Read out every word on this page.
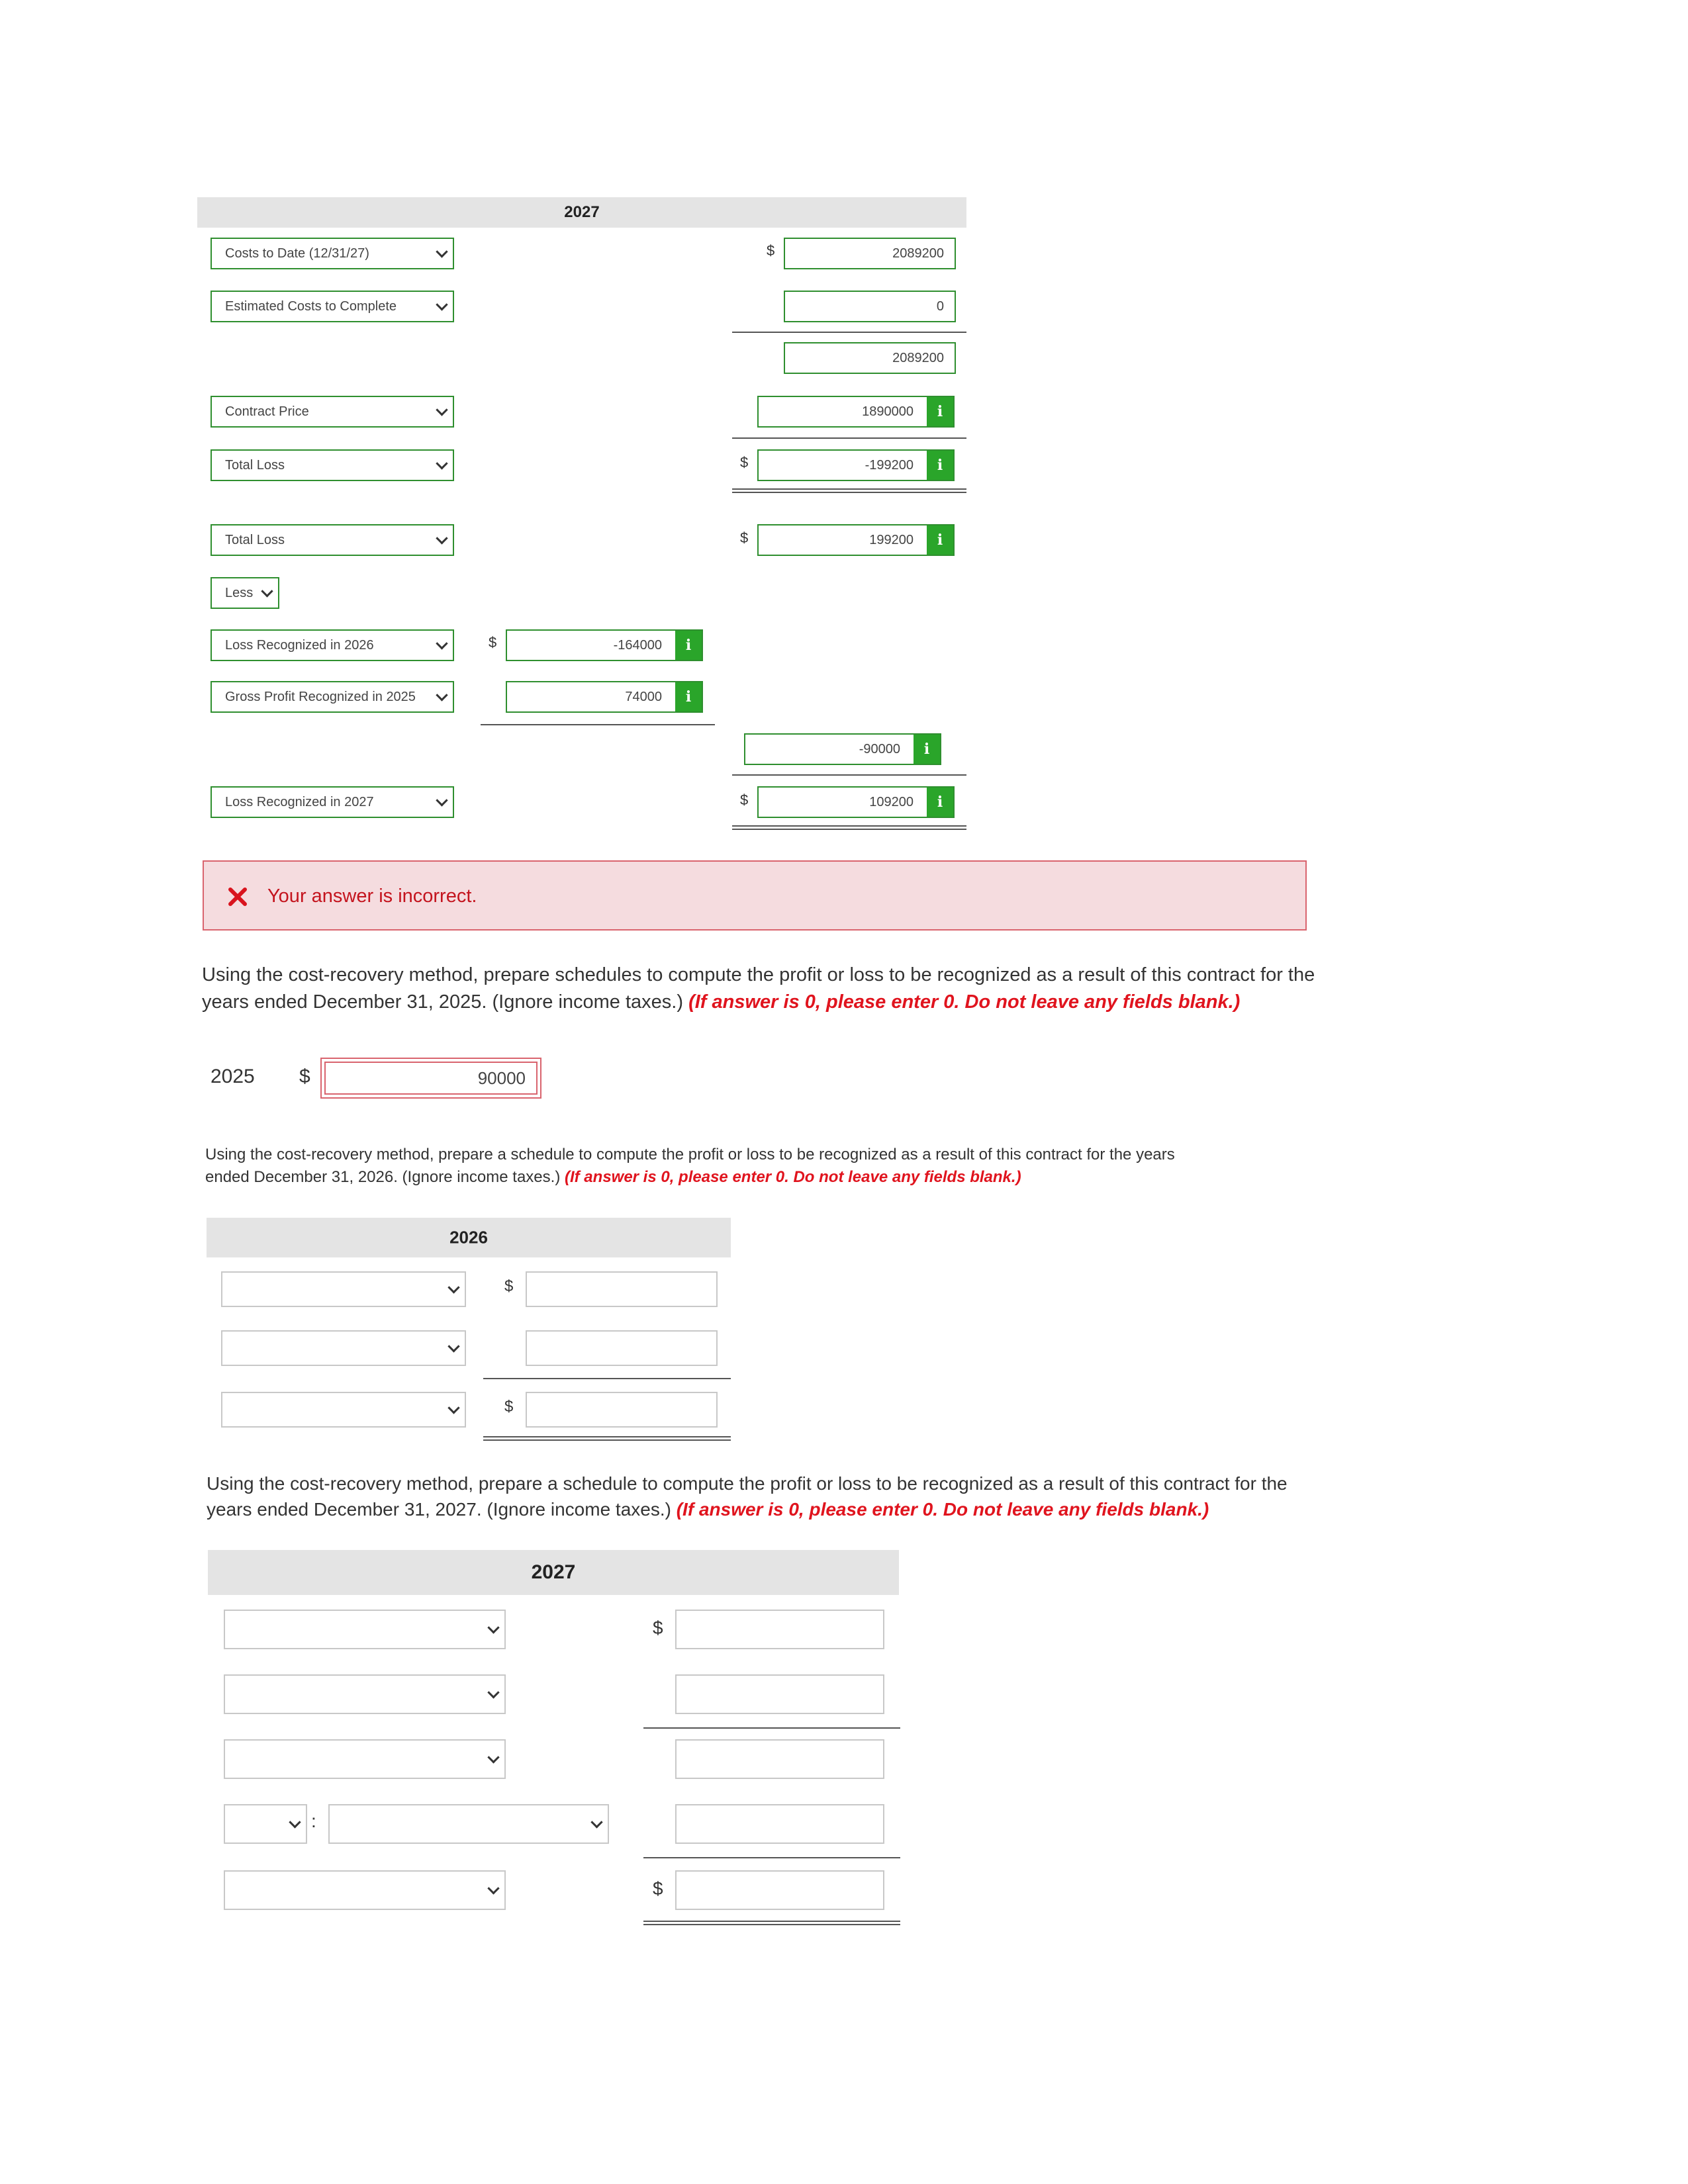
2027
Costs to Date (12/31/27)	$	2089200
Estimated Costs to Complete	0
2089200
Contract Price	1890000	i
Total Loss	$	-199200	i
Total Loss	$	199200	i
Less
Loss Recognized in 2026	$	-164000	i
Gross Profit Recognized in 2025	74000	i
-90000	i
Loss Recognized in 2027	$	109200	i
Your answer is incorrect.
Using the cost-recovery method, prepare schedules to compute the profit or loss to be recognized as a result of this contract for the years ended December 31, 2025. (Ignore income taxes.) (If answer is 0, please enter 0. Do not leave any fields blank.)
2025 $	90000
Using the cost-recovery method, prepare a schedule to compute the profit or loss to be recognized as a result of this contract for the years ended December 31, 2026. (Ignore income taxes.) (If answer is 0, please enter 0. Do not leave any fields blank.)
2026
$
$
Using the cost-recovery method, prepare a schedule to compute the profit or loss to be recognized as a result of this contract for the years ended December 31, 2027. (Ignore income taxes.) (If answer is 0, please enter 0. Do not leave any fields blank.)
2027
$
:
$
